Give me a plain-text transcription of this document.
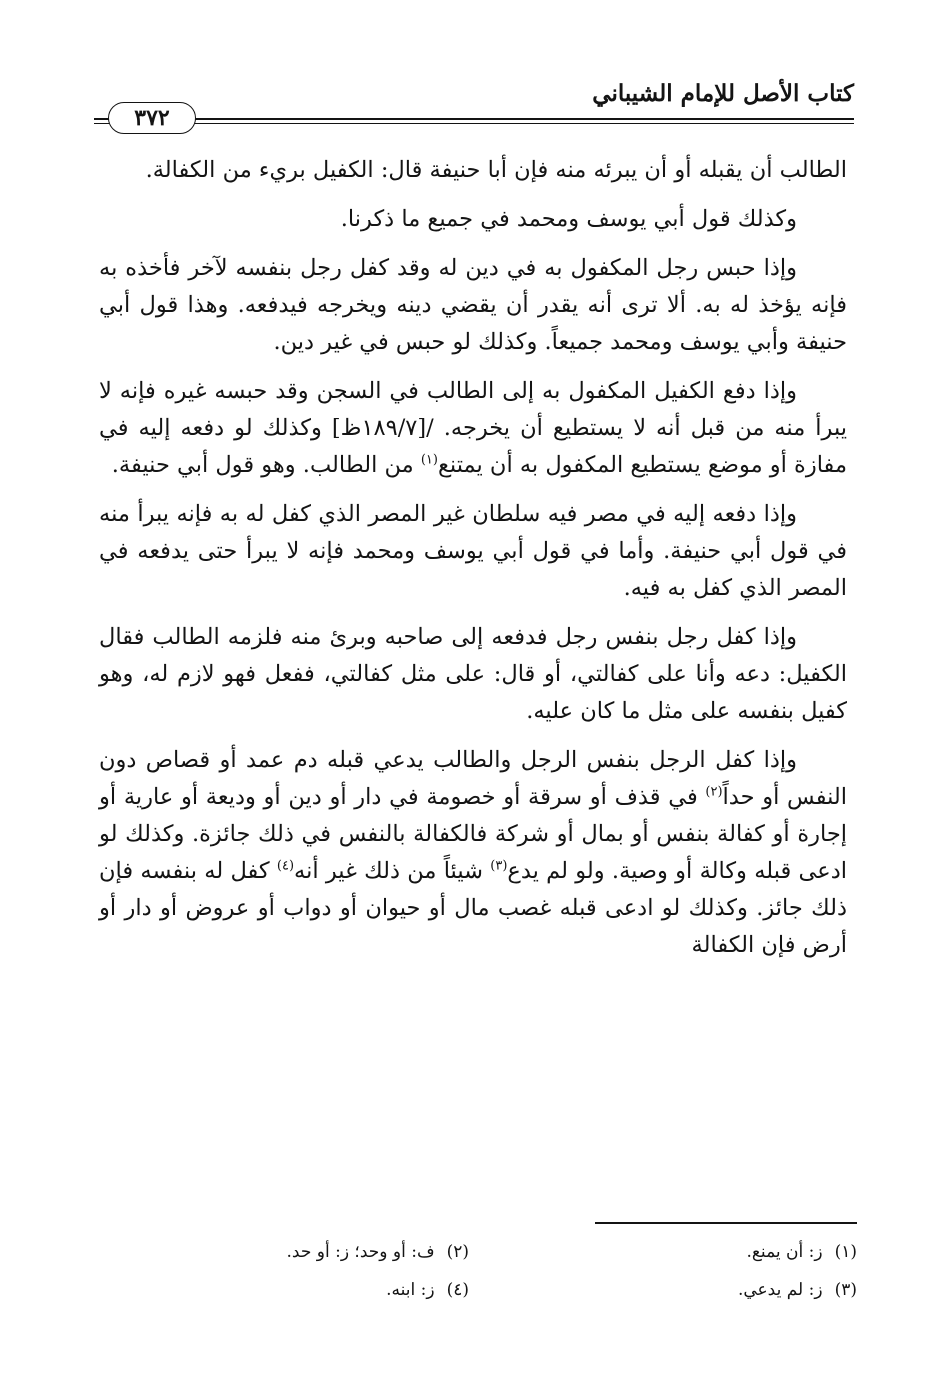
كتاب الأصل للإمام الشيباني
٣٧٢

الطالب أن يقبله أو أن يبرئه منه فإن أبا حنيفة قال: الكفيل بريء من الكفالة.

وكذلك قول أبي يوسف ومحمد في جميع ما ذكرنا.

وإذا حبس رجل المكفول به في دين له وقد كفل رجل بنفسه لآخر فأخذه به فإنه يؤخذ له به. ألا ترى أنه يقدر أن يقضي دينه ويخرجه فيدفعه. وهذا قول أبي حنيفة وأبي يوسف ومحمد جميعاً. وكذلك لو حبس في غير دين.

وإذا دفع الكفيل المكفول به إلى الطالب في السجن وقد حبسه غيره فإنه لا يبرأ منه من قبل أنه لا يستطيع أن يخرجه. /[١٨٩/٧ظ] وكذلك لو دفعه إليه في مفازة أو موضع يستطيع المكفول به أن يمتنع$^{(١)}$ من الطالب. وهو قول أبي حنيفة.

وإذا دفعه إليه في مصر فيه سلطان غير المصر الذي كفل له به فإنه يبرأ منه في قول أبي حنيفة. وأما في قول أبي يوسف ومحمد فإنه لا يبرأ حتى يدفعه في المصر الذي كفل به فيه.

وإذا كفل رجل بنفس رجل فدفعه إلى صاحبه وبرئ منه فلزمه الطالب فقال الكفيل: دعه وأنا على كفالتي، أو قال: على مثل كفالتي، ففعل فهو لازم له، وهو كفيل بنفسه على مثل ما كان عليه.

وإذا كفل الرجل بنفس الرجل والطالب يدعي قبله دم عمد أو قصاص دون النفس أو حداً$^{(٢)}$ في قذف أو سرقة أو خصومة في دار أو دين أو وديعة أو عارية أو إجارة أو كفالة بنفس أو بمال أو شركة فالكفالة بالنفس في ذلك جائزة. وكذلك لو ادعى قبله وكالة أو وصية. ولو لم يدع$^{(٣)}$ شيئاً من ذلك غير أنه$^{(٤)}$ كفل له بنفسه فإن ذلك جائز. وكذلك لو ادعى قبله غصب مال أو حيوان أو دواب أو عروض أو دار أو أرض فإن الكفالة

(١)ز: أن يمنع.
(٢)ف: أو وحد؛ ز: أو حد.
(٣)ز: لم يدعي.
(٤)ز: ابنه.
